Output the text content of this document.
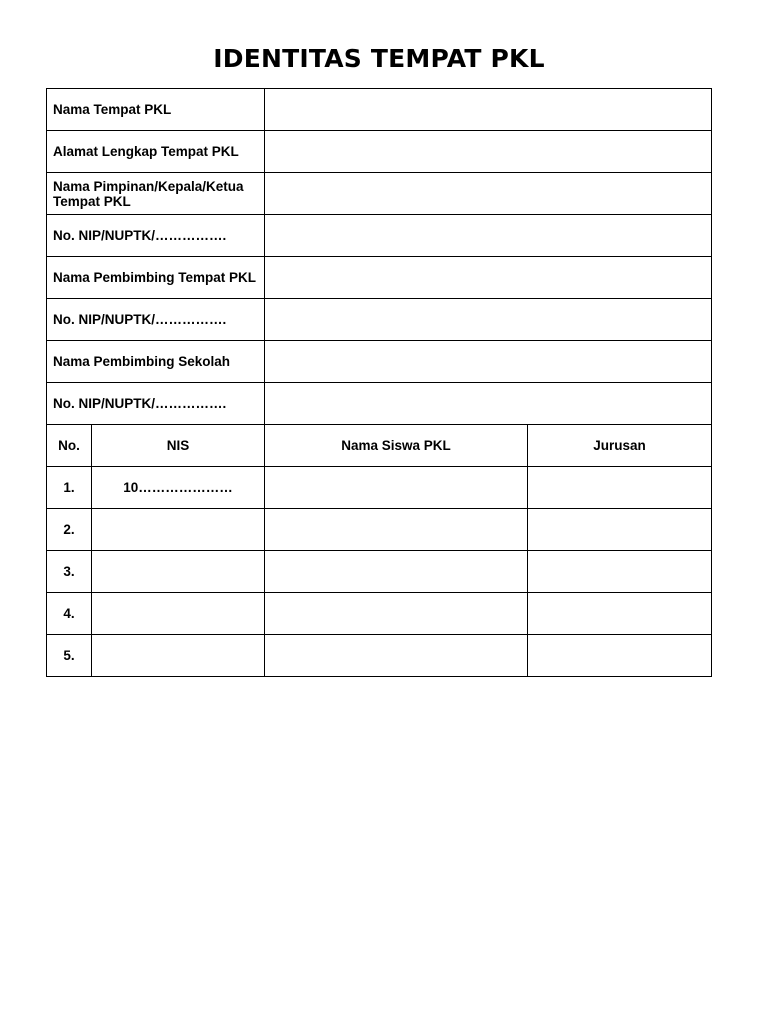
IDENTITAS TEMPAT PKL
Nama Tempat PKL			
Alamat Lengkap Tempat PKL			
Nama Pimpinan/Kepala/Ketua Tempat PKL			
No. NIP/NUPTK/…………….			
Nama Pembimbing Tempat PKL			
No. NIP/NUPTK/…………….			
Nama Pembimbing Sekolah			
No. NIP/NUPTK/…………….			
No.	NIS	Nama Siswa PKL	Jurusan
1.	10…………………		
2.			
3.			
4.			
5.			
